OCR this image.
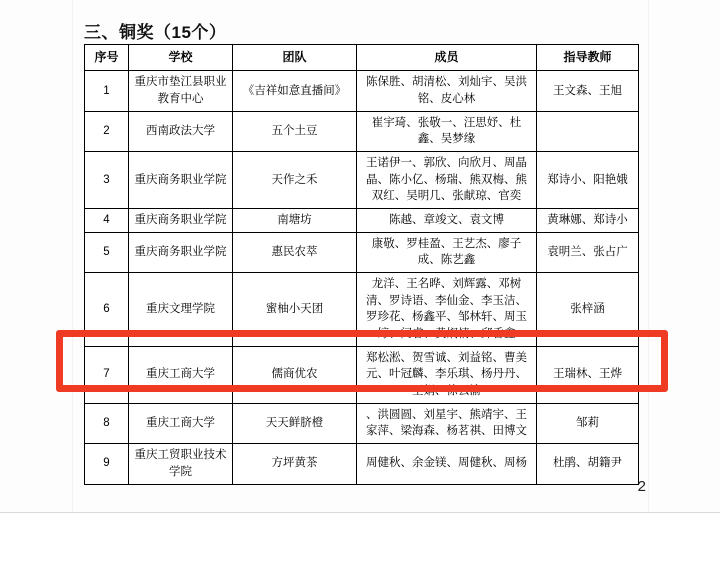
三、铜奖（15个）
序号	学校	团队	成员	指导教师
1	重庆市垫江县职业教育中心	《吉祥如意直播间》	陈保胜、胡清松、刘灿宇、吴洪铭、皮心林	王文森、王旭
2	西南政法大学	五个土豆	崔宇琦、张敬一、汪思妤、杜鑫、吴梦缘	
3	重庆商务职业学院	天作之禾	王诺伊一、郭欣、向欣月、周晶晶、陈小亿、杨瑞、熊双梅、熊双红、吴明几、张献琼、官奕	郑诗小、阳艳娥
4	重庆商务职业学院	南塘坊	陈越、章竣文、袁文博	黄琳娜、郑诗小
5	重庆商务职业学院	惠民农萃	康敬、罗桂盈、王艺杰、廖子成、陈艺鑫	袁明兰、张占广
6	重庆文理学院	蜜柚小天团	龙洋、王名晔、刘辉露、邓树清、罗诗语、李仙金、李玉洁、罗珍花、杨鑫平、邹林轩、周玉婷、闫睿、黄娴情、邱香鑫	张梓涵
7	重庆工商大学	儒商优农	郑松淞、贺雪诚、刘益铭、曹美元、叶冠麟、李乐琪、杨丹丹、王娟、徐云渝	王瑞林、王烨
8	重庆工商大学	天天鲜脐橙	、洪圆圆、刘星宇、熊靖宇、王家萍、梁海森、杨茗祺、田博文	邹莉
9	重庆工贸职业技术学院	方坪黄茶	周健秋、余金镁、周健秋、周杨	杜鹃、胡籍尹
2
